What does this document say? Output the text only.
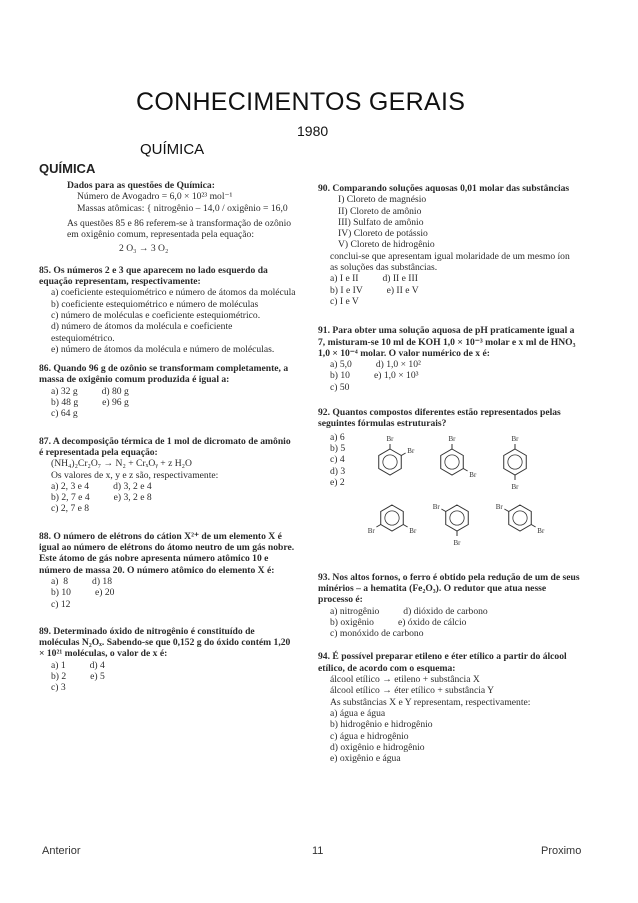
CONHECIMENTOS GERAIS
1980
QUÍMICA
QUÍMICA

Dados para as questões de Química:

Número de Avogadro = 6,0 × 10²³ mol⁻¹

Massas atômicas: { nitrogênio – 14,0 / oxigênio = 16,0

As questões 85 e 86 referem-se à transformação de ozônio em oxigênio comum, representada pela equação:

2 O₃ → 3 O₂

85. Os números 2 e 3 que aparecem no lado esquerdo da equação representam, respectivamente:

a) coeficiente estequiométrico e número de átomos da molécula

b) coeficiente estequiométrico e número de moléculas

c) número de moléculas e coeficiente estequiométrico.

d) número de átomos da molécula e coeficiente estequiométrico.

e) número de átomos da molécula e número de moléculas.

86. Quando 96 g de ozônio se transformam completamente, a massa de oxigênio comum produzida é igual a:

a) 32 g          d) 80 g

b) 48 g          e) 96 g

c) 64 g

87. A decomposição térmica de 1 mol de dicromato de amônio é representada pela equação:

(NH₄)₂Cr₂O₇ → N₂ + CrₓOᵧ + z H₂O

Os valores de x, y e z são, respectivamente:

a) 2, 3 e 4          d) 3, 2 e 4

b) 2, 7 e 4          e) 3, 2 e 8

c) 2, 7 e 8

88. O número de elétrons do cátion X²⁺ de um elemento X é igual ao número de elétrons do átomo neutro de um gás nobre. Este átomo de gás nobre apresenta número atômico 10 e número de massa 20. O número atômico do elemento X é:

a)  8          d) 18

b) 10          e) 20

c) 12

89. Determinado óxido de nitrogênio é constituído de moléculas N₂Oₓ. Sabendo-se que 0,152 g do óxido contém 1,20 × 10²¹ moléculas, o valor de x é:

a) 1          d) 4

b) 2          e) 5

c) 3

90. Comparando soluções aquosas 0,01 molar das substâncias

I) Cloreto de magnésio

II) Cloreto de amônio

III) Sulfato de amônio

IV) Cloreto de potássio

V) Cloreto de hidrogênio

conclui-se que apresentam igual molaridade de um mesmo íon as soluções das substâncias.

a) I e II          d) II e III

b) I e IV          e) II e V

c) I e V

91. Para obter uma solução aquosa de pH praticamente igual a 7, misturam-se 10 ml de KOH 1,0 × 10⁻³ molar e x ml de HNO₃ 1,0 × 10⁻⁴ molar. O valor numérico de x é:

a) 5,0          d) 1,0 × 10²

b) 10          e) 1,0 × 10³

c) 50

92. Quantos compostos diferentes estão representados pelas seguintes fórmulas estruturais?

a) 6

b) 5

c) 4

d) 3

e) 2

Br
Br
Br
Br
Br
Br
Br	Br
Br
Br
Br
Br

93. Nos altos fornos, o ferro é obtido pela redução de um de seus minérios – a hematita (Fe₂O₃). O redutor que atua nesse processo é:

a) nitrogênio          d) dióxido de carbono

b) oxigênio          e) óxido de cálcio

c) monóxido de carbono

94. É possível preparar etileno e éter etílico a partir do álcool etílico, de acordo com o esquema:

álcool etílico → etileno + substância X

álcool etílico → éter etílico + substância Y

As substâncias X e Y representam, respectivamente:

a) água e água

b) hidrogênio e hidrogênio

c) água e hidrogênio

d) oxigênio e hidrogênio

e) oxigênio e água

Anterior	11	Proximo
